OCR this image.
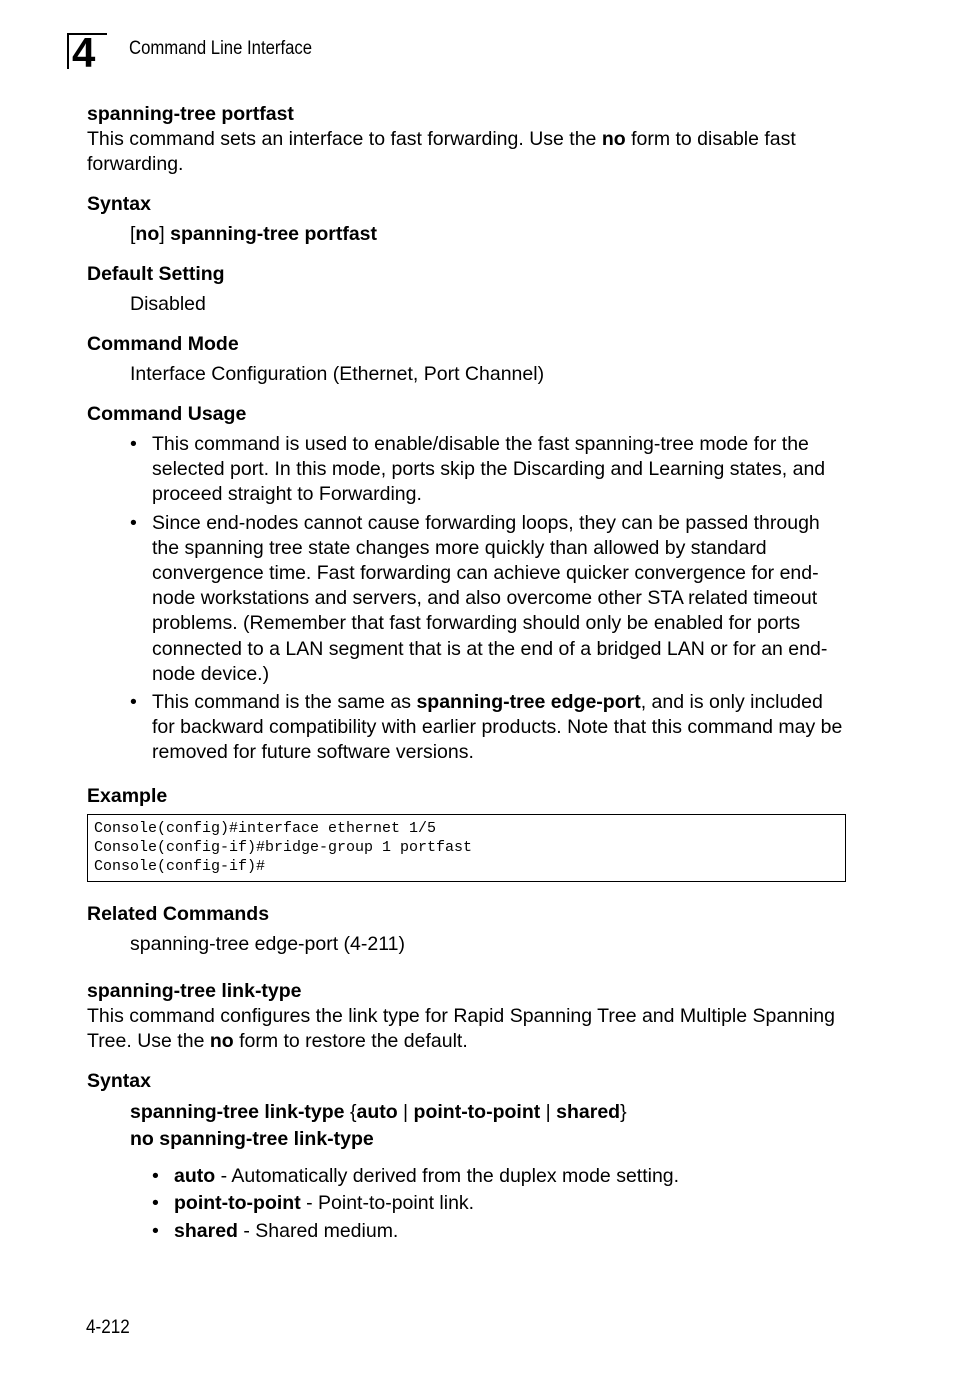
4	Command Line Interface

spanning-tree portfast

This command sets an interface to fast forwarding. Use the no form to disable fast forwarding.

Syntax
[no] spanning-tree portfast
Default Setting
Disabled
Command Mode
Interface Configuration (Ethernet, Port Channel)
Command Usage
• This command is used to enable/disable the fast spanning-tree mode for the selected port. In this mode, ports skip the Discarding and Learning states, and proceed straight to Forwarding.
• Since end-nodes cannot cause forwarding loops, they can be passed through the spanning tree state changes more quickly than allowed by standard convergence time. Fast forwarding can achieve quicker convergence for end-node workstations and servers, and also overcome other STA related timeout problems. (Remember that fast forwarding should only be enabled for ports connected to a LAN segment that is at the end of a bridged LAN or for an end-node device.)
• This command is the same as spanning-tree edge-port, and is only included for backward compatibility with earlier products. Note that this command may be removed for future software versions.
Example
Console(config)#interface ethernet 1/5
Console(config-if)#bridge-group 1 portfast
Console(config-if)#
Related Commands
spanning-tree edge-port (4-211)

spanning-tree link-type

This command configures the link type for Rapid Spanning Tree and Multiple Spanning Tree. Use the no form to restore the default.

Syntax
spanning-tree link-type {auto | point-to-point | shared}
no spanning-tree link-type
• auto - Automatically derived from the duplex mode setting.
• point-to-point - Point-to-point link.
• shared - Shared medium.
4-212
